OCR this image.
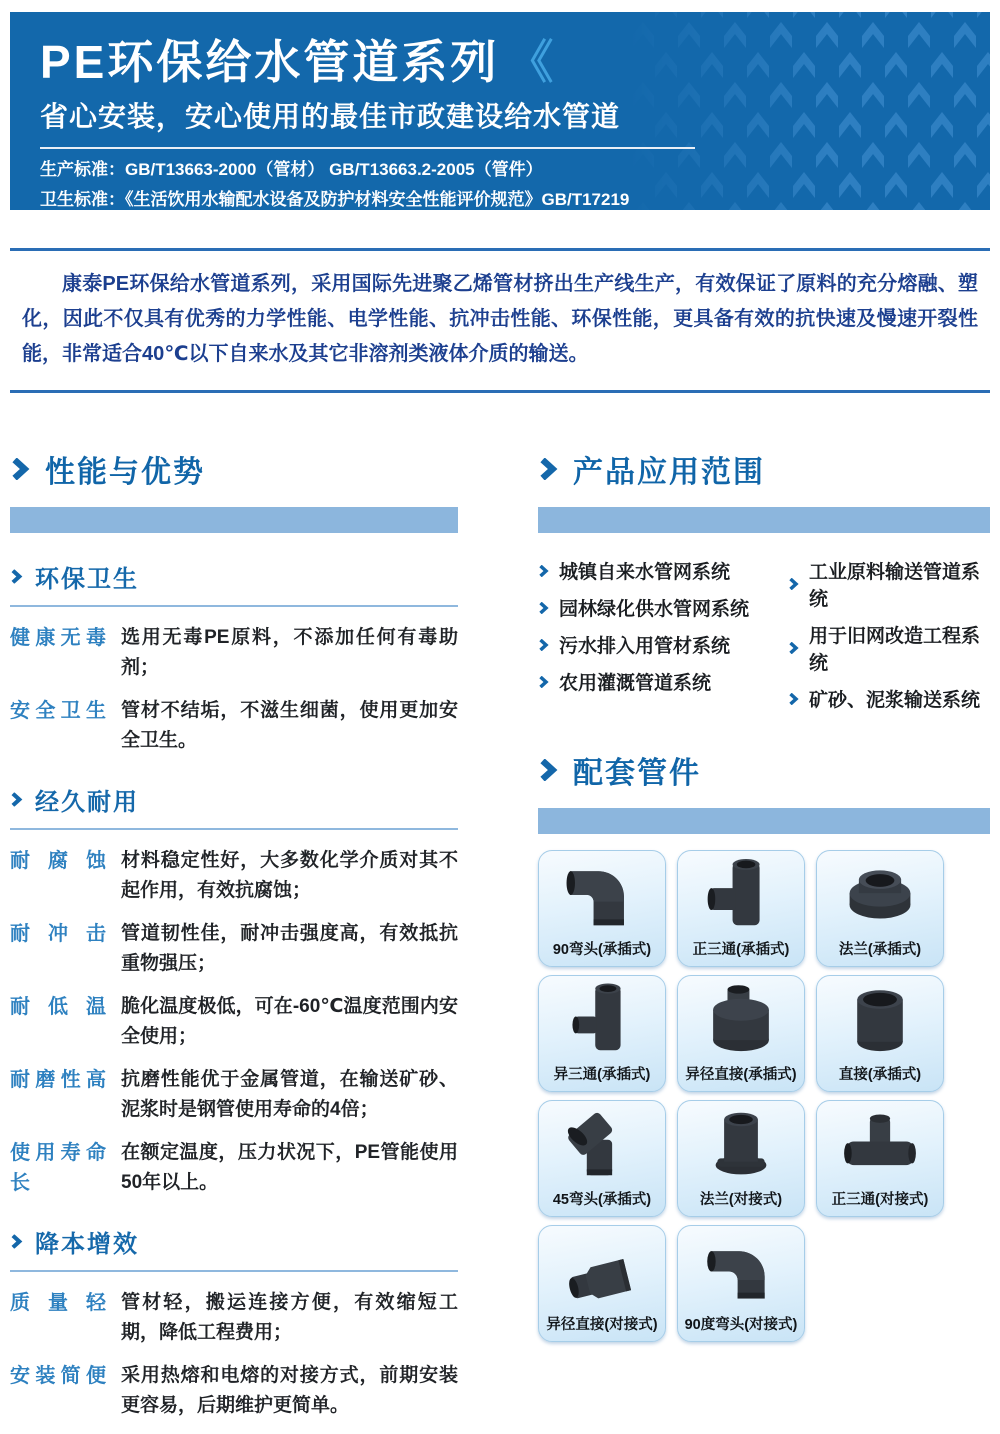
PE环保给水管道系列 《
省心安装，安心使用的最佳市政建设给水管道

生产标准：GB/T13663-2000（管材） GB/T13663.2-2005（管件）

卫生标准：《生活饮用水输配水设备及防护材料安全性能评价规范》GB/T17219

康泰PE环保给水管道系列，采用国际先进聚乙烯管材挤出生产线生产，有效保证了原料的充分熔融、塑化，因此不仅具有优秀的力学性能、电学性能、抗冲击性能、环保性能，更具备有效的抗快速及慢速开裂性能，非常适合40℃以下自来水及其它非溶剂类液体介质的输送。

性能与优势
环保卫生
健康无毒 选用无毒PE原料，不添加任何有毒助剂；
安全卫生 管材不结垢，不滋生细菌，使用更加安全卫生。
经久耐用
耐腐蚀 材料稳定性好，大多数化学介质对其不起作用，有效抗腐蚀；
耐冲击 管道韧性佳，耐冲击强度高，有效抵抗重物强压；
耐低温 脆化温度极低，可在-60℃温度范围内安全使用；
耐磨性高 抗磨性能优于金属管道，在输送矿砂、泥浆时是钢管使用寿命的4倍；
使用寿命长
在额定温度，压力状况下，PE管能使用50年以上。
降本增效
质量轻 管材轻，搬运连接方便，有效缩短工期，降低工程费用；
安装简便 采用热熔和电熔的对接方式，前期安装更容易，后期维护更简单。
产品应用范围
城镇自来水管网系统
园林绿化供水管网系统
污水排入用管材系统
农用灌溉管道系统
工业原料输送管道系统
用于旧网改造工程系统
矿砂、泥浆输送系统
配套管件
90弯头(承插式)	正三通(承插式)	法兰(承插式)
异三通(承插式) 异径直接(承插式)	直接(承插式)
45弯头(承插式)	法兰(对接式)	正三通(对接式)
异径直接(对接式) 90度弯头(对接式)
